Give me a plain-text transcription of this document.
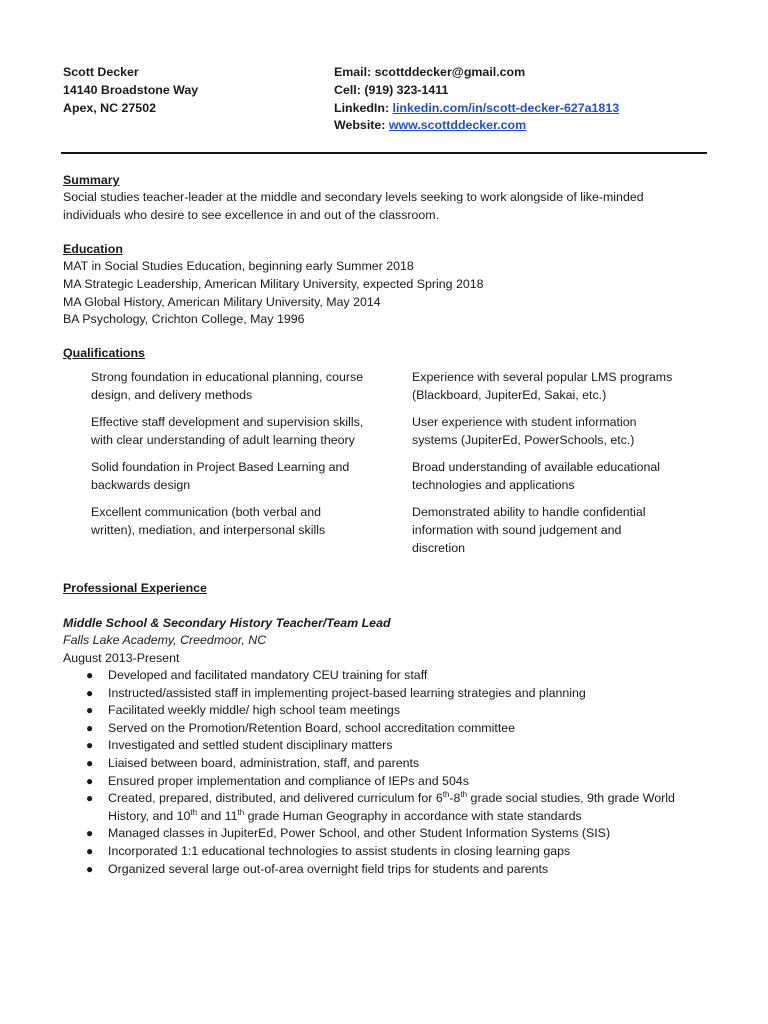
Scott Decker
14140 Broadstone Way
Apex, NC 27502
Email: scottddecker@gmail.com
Cell: (919) 323-1411
LinkedIn: linkedin.com/in/scott-decker-627a1813
Website: www.scottddecker.com
Summary
Social studies teacher-leader at the middle and secondary levels seeking to work alongside of like-minded
individuals who desire to see excellence in and out of the classroom.
Education
MAT in Social Studies Education, beginning early Summer 2018
MA Strategic Leadership, American Military University, expected Spring 2018
MA Global History, American Military University, May 2014
BA Psychology, Crichton College, May 1996
Qualifications
Strong foundation in educational planning, course design, and delivery methods
Effective staff development and supervision skills, with clear understanding of adult learning theory
Solid foundation in Project Based Learning and backwards design
Excellent communication (both verbal and written), mediation, and interpersonal skills
Experience with several popular LMS programs (Blackboard, JupiterEd, Sakai, etc.)
User experience with student information systems (JupiterEd, PowerSchools, etc.)
Broad understanding of available educational technologies and applications
Demonstrated ability to handle confidential information with sound judgement and discretion
Professional Experience
Middle School & Secondary History Teacher/Team Lead
Falls Lake Academy, Creedmoor, NC
August 2013-Present
● Developed and facilitated mandatory CEU training for staff
● Instructed/assisted staff in implementing project-based learning strategies and planning
● Facilitated weekly middle/ high school team meetings
● Served on the Promotion/Retention Board, school accreditation committee
● Investigated and settled student disciplinary matters
● Liaised between board, administration, staff, and parents
● Ensured proper implementation and compliance of IEPs and 504s
● Created, prepared, distributed, and delivered curriculum for 6th-8th grade social studies, 9th grade World History, and 10th and 11th grade Human Geography in accordance with state standards
● Managed classes in JupiterEd, Power School, and other Student Information Systems (SIS)
● Incorporated 1:1 educational technologies to assist students in closing learning gaps
● Organized several large out-of-area overnight field trips for students and parents
